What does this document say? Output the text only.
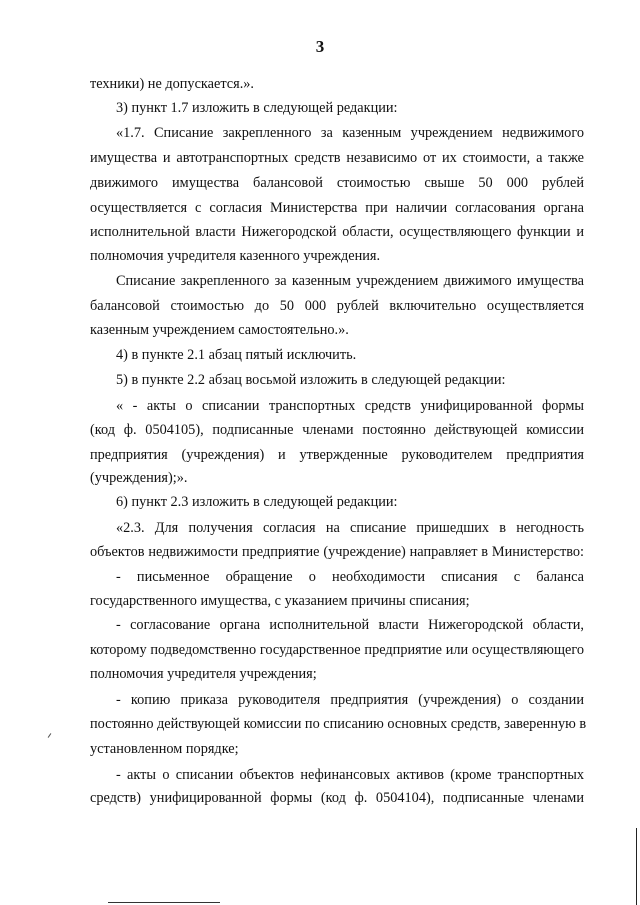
3
техники) не допускается.».
3) пункт 1.7 изложить в следующей редакции:
«1.7. Списание закрепленного за казенным учреждением недвижимого
имущества и автотранспортных средств независимо от их стоимости, а также
движимого имущества балансовой стоимостью свыше 50 000 рублей
осуществляется с согласия Министерства при наличии согласования органа
исполнительной власти Нижегородской области, осуществляющего функции и
полномочия учредителя казенного учреждения.
Списание закрепленного за казенным учреждением движимого имущества
балансовой стоимостью до 50 000 рублей включительно осуществляется
казенным учреждением самостоятельно.».
4) в пункте 2.1 абзац пятый исключить.
5) в пункте 2.2 абзац восьмой изложить в следующей редакции:
« - акты о списании транспортных средств унифицированной формы
(код ф. 0504105), подписанные членами постоянно действующей комиссии
предприятия (учреждения) и утвержденные руководителем предприятия
(учреждения);».
6) пункт 2.3 изложить в следующей редакции:
«2.3. Для получения согласия на списание пришедших в негодность
объектов недвижимости предприятие (учреждение) направляет в Министерство:
- письменное обращение о необходимости списания с баланса
государственного имущества, с указанием причины списания;
- согласование органа исполнительной власти Нижегородской области,
которому подведомственно государственное предприятие или осуществляющего
полномочия учредителя учреждения;
- копию приказа руководителя предприятия (учреждения) о создании
постоянно действующей комиссии по списанию основных средств, заверенную в
установленном порядке;
- акты о списании объектов нефинансовых активов (кроме транспортных
средств) унифицированной формы (код ф. 0504104), подписанные членами
